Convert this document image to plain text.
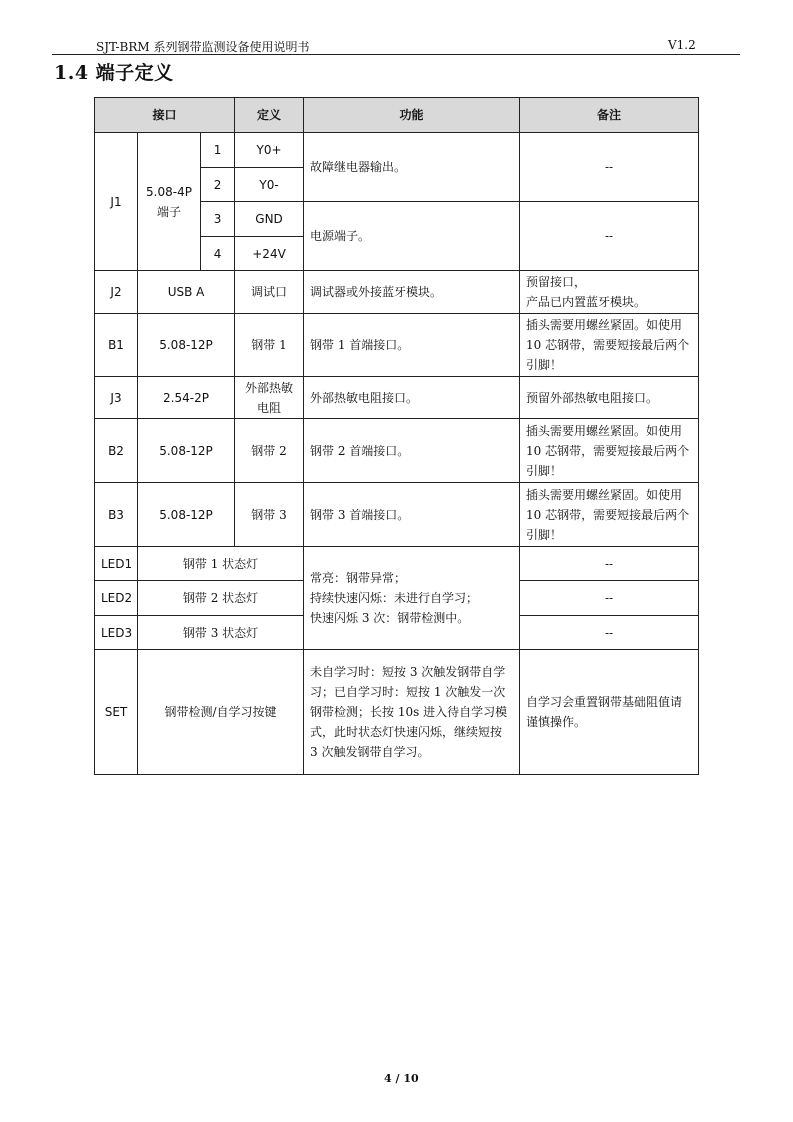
SJT-BRM 系列钢带监测设备使用说明书	V1.2
1.4 端子定义
接口			定义	功能	备注
J1	5.08-4P 端子	1	Y0+	故障继电器输出。	--
		2	Y0-		
		3	GND	电源端子。	--
		4	+24V		
J2	USB A		调试口	调试器或外接蓝牙模块。	预留接口，
产品已内置蓝牙模块。

B1	5.08-12P		钢带 1	钢带 1 首端接口。	插头需要用螺丝紧固。如使用 10 芯钢带，需要短接最后两个引脚！
J3	2.54-2P		外部热敏电阻	外部热敏电阻接口。	预留外部热敏电阻接口。
B2	5.08-12P		钢带 2	钢带 2 首端接口。	插头需要用螺丝紧固。如使用 10 芯钢带，需要短接最后两个引脚！
B3	5.08-12P		钢带 3	钢带 3 首端接口。	插头需要用螺丝紧固。如使用 10 芯钢带，需要短接最后两个引脚！
LED1	钢带 1 状态灯			常亮：钢带异常；
持续快速闪烁：未进行自学习；
快速闪烁 3 次：钢带检测中。	--
LED2	钢带 2 状态灯				--
LED3	钢带 3 状态灯				--
SET	钢带检测/自学习按键			未自学习时：短按 3 次触发钢带自学习；已自学习时：短按 1 次触发一次钢带检测；长按 10s 进入待自学习模式，此时状态灯快速闪烁，继续短按 3 次触发钢带自学习。	自学习会重置钢带基础阻值请谨慎操作。
4 / 10
